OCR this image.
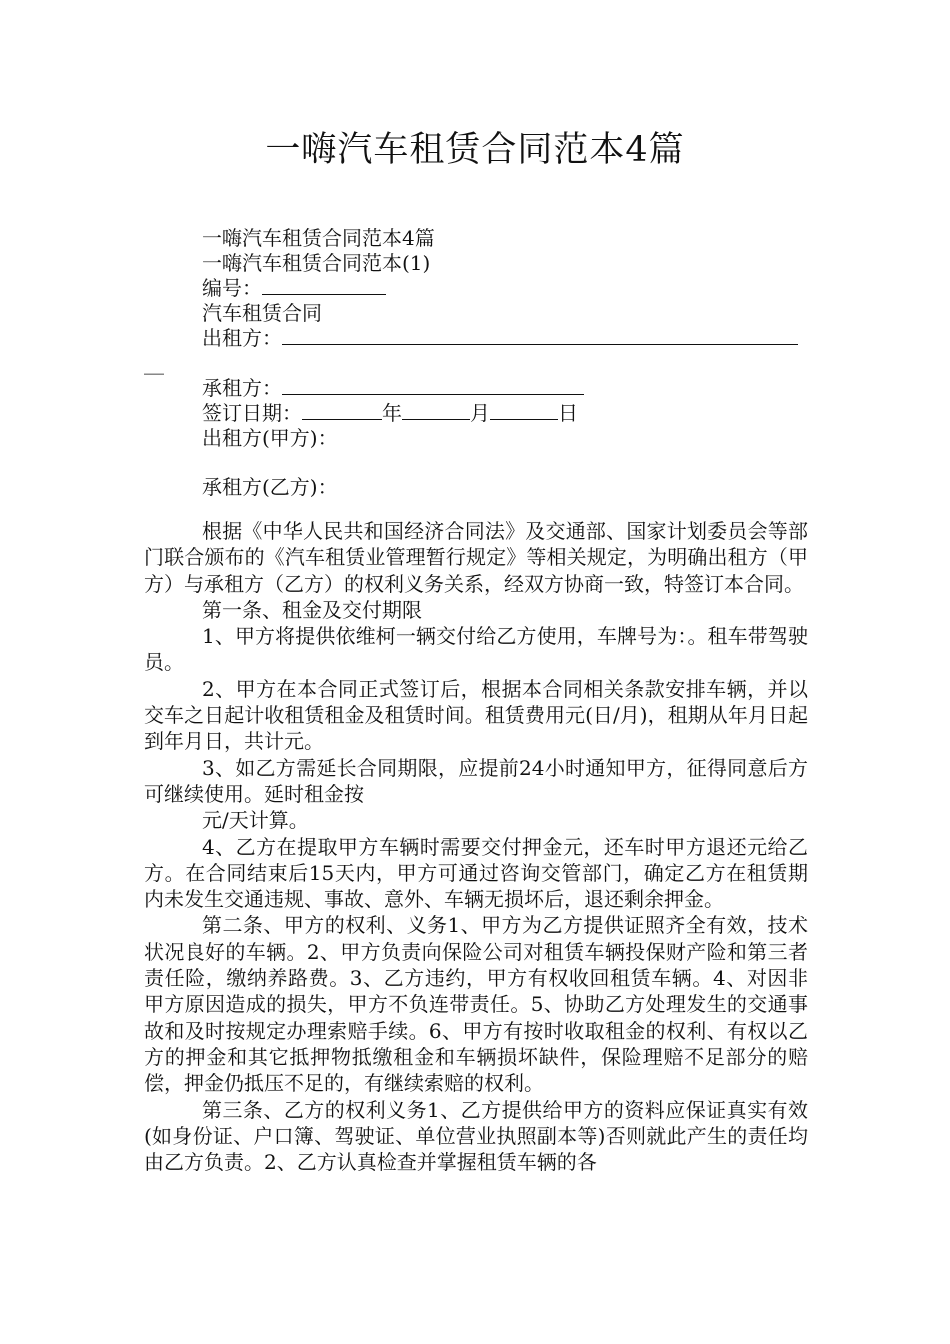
一嗨汽车租赁合同范本4篇
一嗨汽车租赁合同范本4篇
一嗨汽车租赁合同范本(1)
编号：
汽车租赁合同
出租方：
__
承租方：
签订日期：	年	月	日
出租方(甲方)：
承租方(乙方)：

根据《中华人民共和国经济合同法》及交通部、国家计划委员会等部门联合颁布的《汽车租赁业管理暂行规定》等相关规定，为明确出租方（甲方）与承租方（乙方）的权利义务关系，经双方协商一致，特签订本合同。

第一条、租金及交付期限

1、甲方将提供依维柯一辆交付给乙方使用，车牌号为：。租车带驾驶员。

2、甲方在本合同正式签订后，根据本合同相关条款安排车辆，并以交车之日起计收租赁租金及租赁时间。租赁费用元(日/月)，租期从年月日起到年月日，共计元。

3、如乙方需延长合同期限，应提前24小时通知甲方，征得同意后方可继续使用。延时租金按

元/天计算。

4、乙方在提取甲方车辆时需要交付押金元，还车时甲方退还元给乙方。在合同结束后15天内，甲方可通过咨询交管部门，确定乙方在租赁期内未发生交通违规、事故、意外、车辆无损坏后，退还剩余押金。

第二条、甲方的权利、义务1、甲方为乙方提供证照齐全有效，技术状况良好的车辆。2、甲方负责向保险公司对租赁车辆投保财产险和第三者责任险，缴纳养路费。3、乙方违约，甲方有权收回租赁车辆。4、对因非甲方原因造成的损失，甲方不负连带责任。5、协助乙方处理发生的交通事故和及时按规定办理索赔手续。6、甲方有按时收取租金的权利、有权以乙方的押金和其它抵押物抵缴租金和车辆损坏缺件，保险理赔不足部分的赔偿，押金仍抵压不足的，有继续索赔的权利。

第三条、乙方的权利义务1、乙方提供给甲方的资料应保证真实有效(如身份证、户口簿、驾驶证、单位营业执照副本等)否则就此产生的责任均由乙方负责。2、乙方认真检查并掌握租赁车辆的各
